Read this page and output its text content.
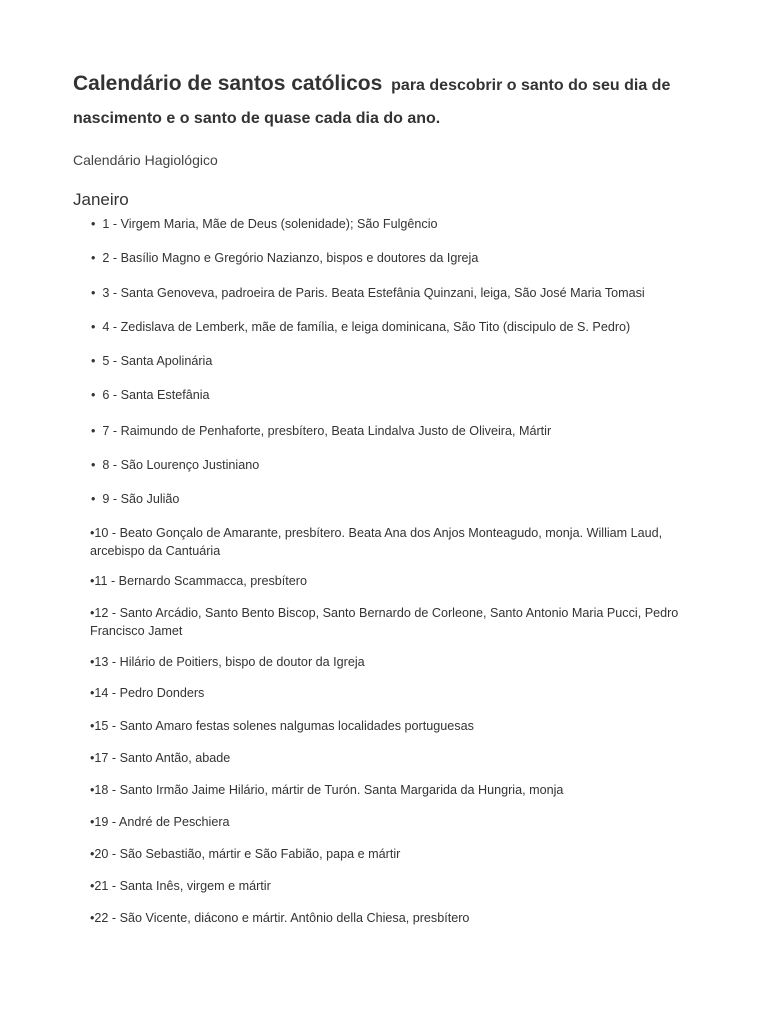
Calendário de santos católicos para descobrir o santo do seu dia de nascimento e o santo de quase cada dia do ano.

Calendário Hagiológico

Janeiro
• 1 - Virgem Maria, Mãe de Deus (solenidade); São Fulgêncio
• 2 - Basílio Magno e Gregório Nazianzo, bispos e doutores da Igreja
• 3 - Santa Genoveva, padroeira de Paris. Beata Estefânia Quinzani, leiga, São José Maria Tomasi
• 4 - Zedislava de Lemberk, mãe de família, e leiga dominicana, São Tito (discipulo de S. Pedro)
• 5 - Santa Apolinária
• 6 - Santa Estefânia
• 7 - Raimundo de Penhaforte, presbítero, Beata Lindalva Justo de Oliveira, Mártir
• 8 - São Lourenço Justiniano
• 9 - São Julião
•10 - Beato Gonçalo de Amarante, presbítero. Beata Ana dos Anjos Monteagudo, monja. William Laud, arcebispo da Cantuária
•11 - Bernardo Scammacca, presbítero
•12 - Santo Arcádio, Santo Bento Biscop, Santo Bernardo de Corleone, Santo Antonio Maria Pucci, Pedro Francisco Jamet
•13 - Hilário de Poitiers, bispo de doutor da Igreja
•14 - Pedro Donders
•15 - Santo Amaro festas solenes nalgumas localidades portuguesas
•17 - Santo Antão, abade
•18 - Santo Irmão Jaime Hilário, mártir de Turón. Santa Margarida da Hungria, monja
•19 - André de Peschiera
•20 - São Sebastião, mártir e São Fabião, papa e mártir
•21 - Santa Inês, virgem e mártir
•22 - São Vicente, diácono e mártir. Antônio della Chiesa, presbítero
